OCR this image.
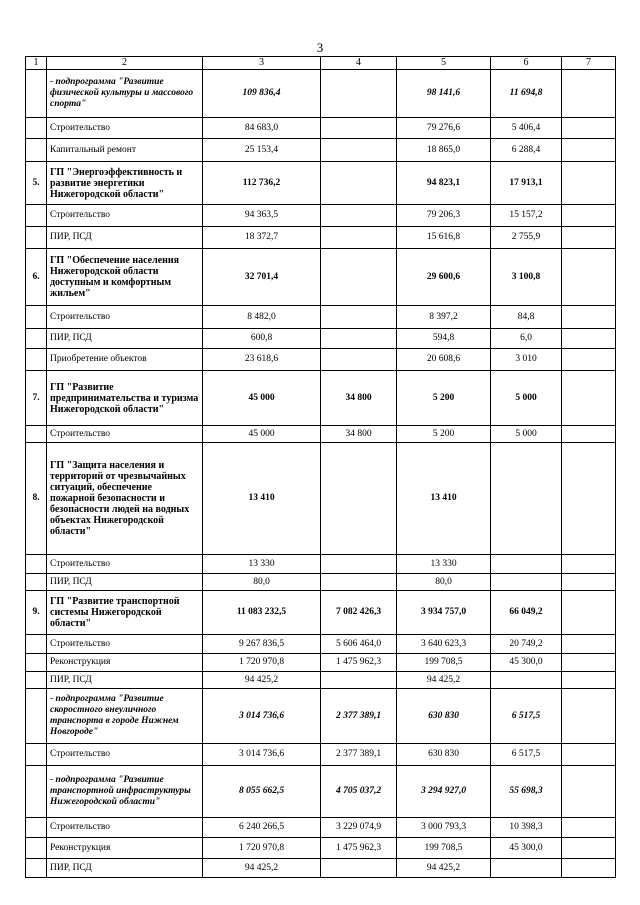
3
1	2	3	4	5	6	7
	- подпрограмма "Развитие физической культуры и массового спорта"	109 836,4		98 141,6	11 694,8	
	Строительство	84 683,0		79 276,6	5 406,4	
	Капитальный ремонт	25 153,4		18 865,0	6 288,4	
5.	ГП "Энергоэффективность и развитие энергетики Нижегородской области"	112 736,2		94 823,1	17 913,1	
	Строительство	94 363,5		79 206,3	15 157,2	
	ПИР, ПСД	18 372,7		15 616,8	2 755,9	
6.	ГП "Обеспечение населения Нижегородской области доступным и комфортным жильем"	32 701,4		29 600,6	3 100,8	
	Строительство	8 482,0		8 397,2	84,8	
	ПИР, ПСД	600,8		594,8	6,0	
	Приобретение объектов	23 618,6		20 608,6	3 010	
7.	ГП "Развитие предпринимательства и туризма Нижегородской области"	45 000	34 800	5 200	5 000	
	Строительство	45 000	34 800	5 200	5 000	
8.	ГП "Защита населения и территорий от чрезвычайных ситуаций, обеспечение пожарной безопасности и безопасности людей на водных объектах Нижегородской области"	13 410		13 410		
	Строительство	13 330		13 330		
	ПИР, ПСД	80,0		80,0		
9.	ГП "Развитие транспортной системы Нижегородской области"	11 083 232,5	7 082 426,3	3 934 757,0	66 049,2	
	Строительство	9 267 836,5	5 606 464,0	3 640 623,3	20 749,2	
	Реконструкция	1 720 970,8	1 475 962,3	199 708,5	45 300,0	
	ПИР, ПСД	94 425,2		94 425,2		
	- подпрограмма "Развитие скоростного внеуличного транспорта в городе Нижнем Новгороде"	3 014 736,6	2 377 389,1	630 830	6 517,5	
	Строительство	3 014 736,6	2 377 389,1	630 830	6 517,5	
	- подпрограмма "Развитие транспортной инфраструктуры Нижегородской области"	8 055 662,5	4 705 037,2	3 294 927,0	55 698,3	
	Строительство	6 240 266,5	3 229 074,9	3 000 793,3	10 398,3	
	Реконструкция	1 720 970,8	1 475 962,3	199 708,5	45 300,0	
	ПИР, ПСД	94 425,2		94 425,2		
